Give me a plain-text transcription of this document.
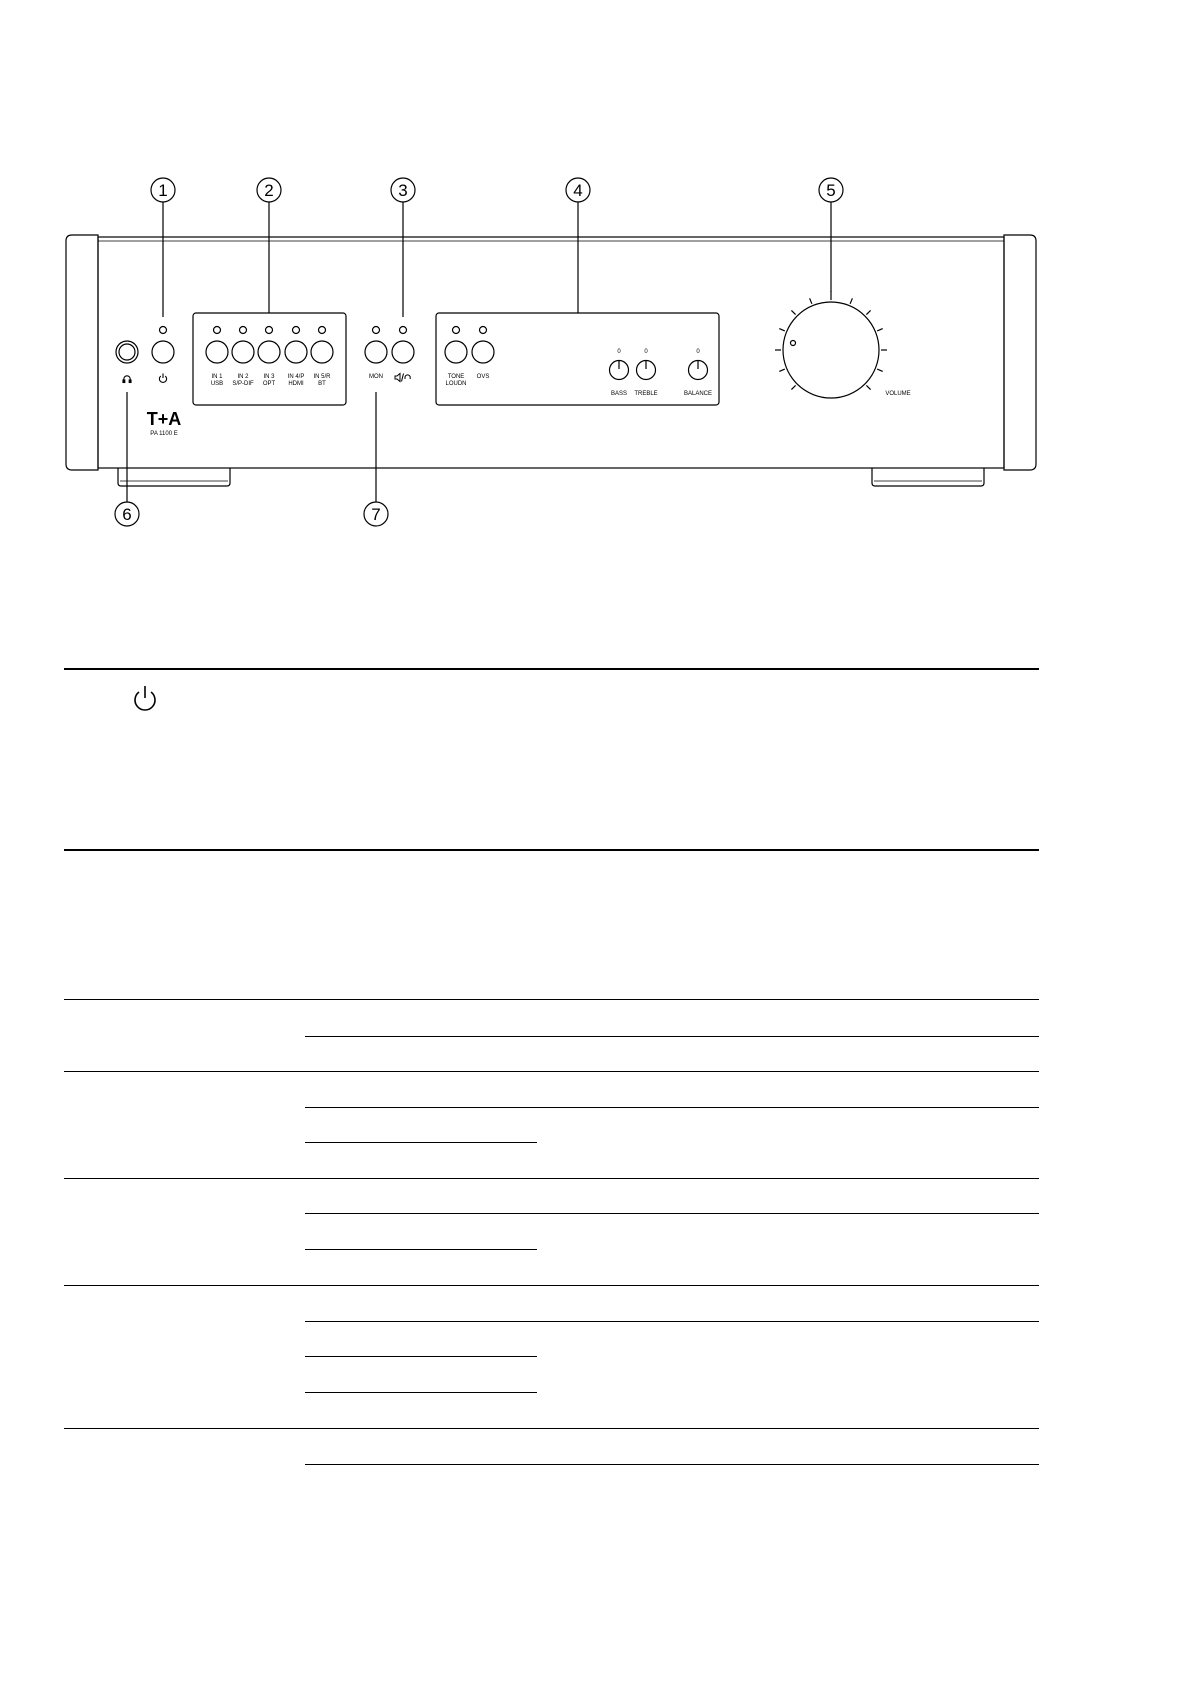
1	2	3	4	5
6	7
IN 1
USB
IN 2
S/P-DIF
IN 3
OPT
IN 4/P
HDMI
IN 5/R
BT
MON	TONE
LOUDN
OVS
0	0	0
BASS TREBLE	BALANCE	VOLUME
PA 1100 E
T+A
